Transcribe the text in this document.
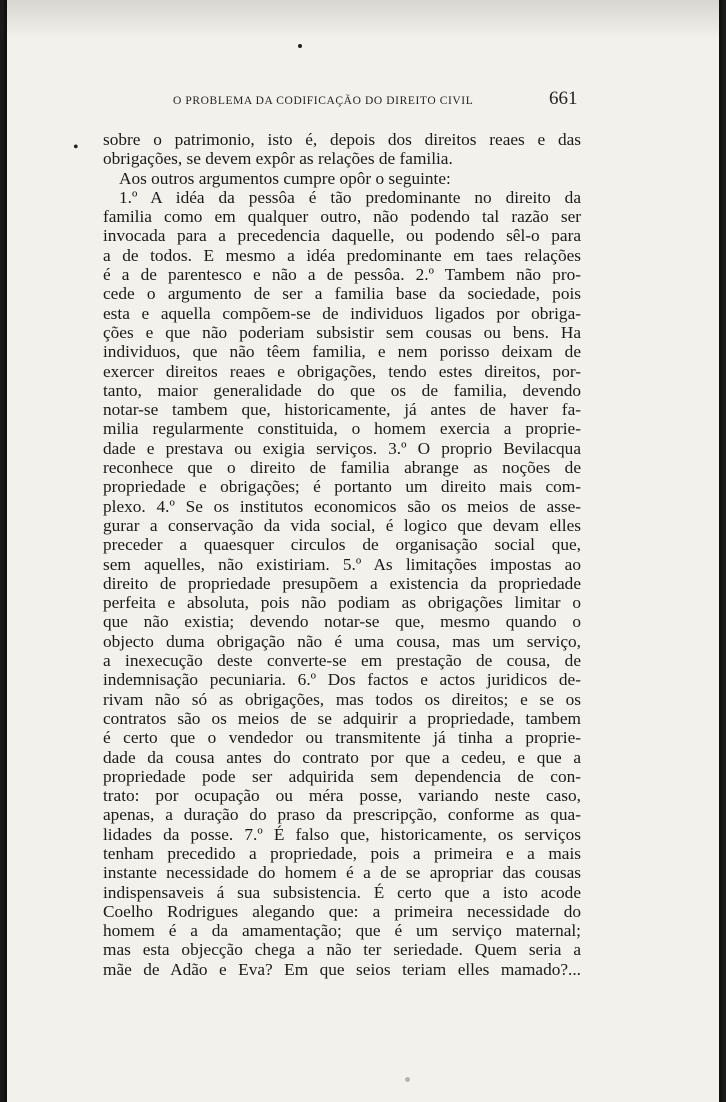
O PROBLEMA DA CODIFICAÇÃO DO DIREITO CIVIL	661
• sobre o patrimonio, isto é, depois dos direitos reaes e das
obrigações, se devem expôr as relações de familia.
Aos outros argumentos cumpre opôr o seguinte:
1.º A idéa da pessôa é tão predominante no direito da
familia como em qualquer outro, não podendo tal razão ser
invocada para a precedencia daquelle, ou podendo sêl-o para
a de todos. E mesmo a idéa predominante em taes relações
é a de parentesco e não a de pessôa. 2.º Tambem não pro-
cede o argumento de ser a familia base da sociedade, pois
esta e aquella compõem-se de individuos ligados por obriga-
ções e que não poderiam subsistir sem cousas ou bens. Ha
individuos, que não têem familia, e nem porisso deixam de
exercer direitos reaes e obrigações, tendo estes direitos, por-
tanto, maior generalidade do que os de familia, devendo
notar-se tambem que, historicamente, já antes de haver fa-
milia regularmente constituida, o homem exercia a proprie-
dade e prestava ou exigia serviços. 3.º O proprio Bevilacqua
reconhece que o direito de familia abrange as noções de
propriedade e obrigações; é portanto um direito mais com-
plexo. 4.º Se os institutos economicos são os meios de asse-
gurar a conservação da vida social, é logico que devam elles
preceder a quaesquer circulos de organisação social que,
sem aquelles, não existiriam. 5.º As limitações impostas ao
direito de propriedade presupõem a existencia da propriedade
perfeita e absoluta, pois não podiam as obrigações limitar o
que não existia; devendo notar-se que, mesmo quando o
objecto duma obrigação não é uma cousa, mas um serviço,
a inexecução deste converte-se em prestação de cousa, de
indemnisação pecuniaria. 6.º Dos factos e actos juridicos de-
rivam não só as obrigações, mas todos os direitos; e se os
contratos são os meios de se adquirir a propriedade, tambem
é certo que o vendedor ou transmitente já tinha a proprie-
dade da cousa antes do contrato por que a cedeu, e que a
propriedade pode ser adquirida sem dependencia de con-
trato: por ocupação ou méra posse, variando neste caso,
apenas, a duração do praso da prescripção, conforme as qua-
lidades da posse. 7.º É falso que, historicamente, os serviços
tenham precedido a propriedade, pois a primeira e a mais
instante necessidade do homem é a de se apropriar das cousas
indispensaveis á sua subsistencia. É certo que a isto acode
Coelho Rodrigues alegando que: a primeira necessidade do
homem é a da amamentação; que é um serviço maternal;
mas esta objecção chega a não ter seriedade. Quem seria a
mãe de Adão e Eva? Em que seios teriam elles mamado?...
